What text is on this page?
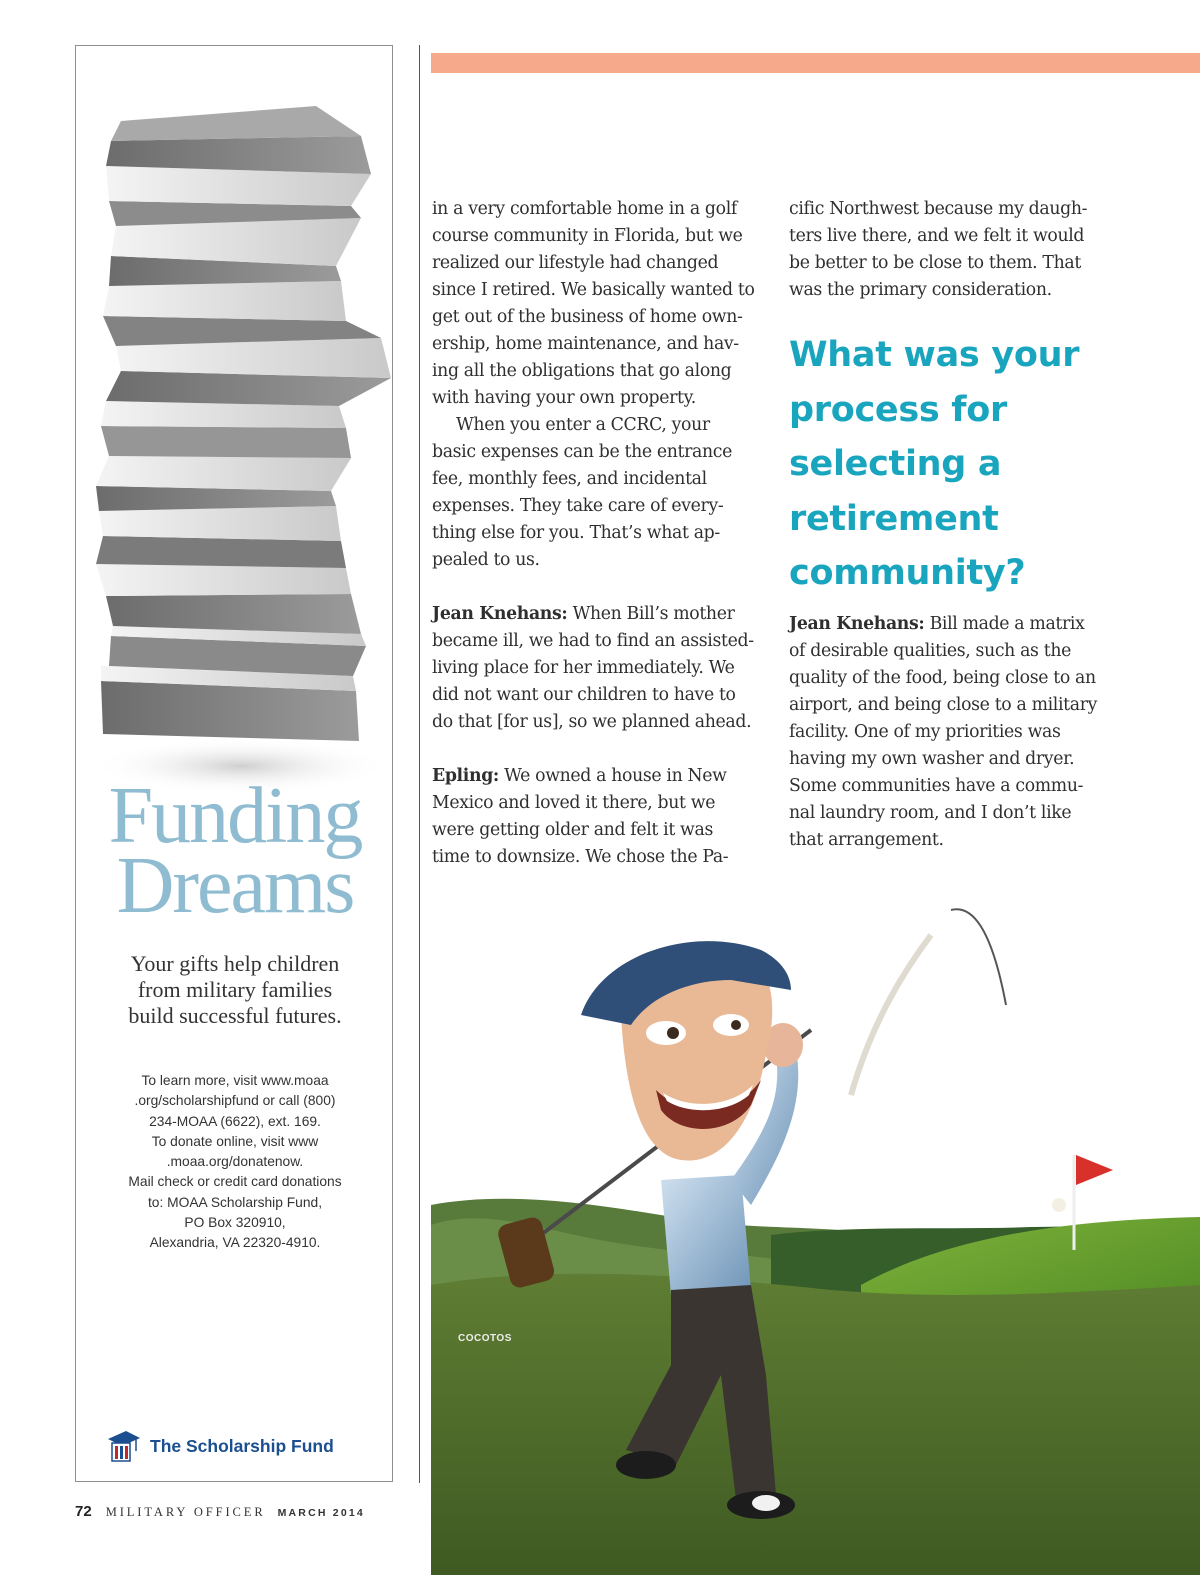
Funding
Dreams
Your gifts help children
from military families
build successful futures.
To learn more, visit www.moaa
.org/scholarshipfund or call (800)
234-MOAA (6622), ext. 169.
To donate online, visit www
.moaa.org/donatenow.
Mail check or credit card donations
to: MOAA Scholarship Fund,
PO Box 320910,
Alexandria, VA 22320-4910.
The Scholarship Fund
72 MILITARY OFFICER MARCH 2014

in a very comfortable home in a golf
course community in Florida, but we
realized our lifestyle had changed
since I retired. We basically wanted to
get out of the business of home own-
ership, home maintenance, and hav-
ing all the obligations that go along
with having your own property.

When you enter a CCRC, your
basic expenses can be the entrance
fee, monthly fees, and incidental
expenses. They take care of every-
thing else for you. That’s what ap-
pealed to us.

Jean Knehans: When Bill’s mother
became ill, we had to find an assisted-
living place for her immediately. We
did not want our children to have to
do that [for us], so we planned ahead.

Epling: We owned a house in New
Mexico and loved it there, but we
were getting older and felt it was
time to downsize. We chose the Pa-

cific Northwest because my daugh-
ters live there, and we felt it would
be better to be close to them. That
was the primary consideration.

What was your
process for
selecting a
retirement
community?

Jean Knehans: Bill made a matrix
of desirable qualities, such as the
quality of the food, being close to an
airport, and being close to a military
facility. One of my priorities was
having my own washer and dryer.
Some communities have a commu-
nal laundry room, and I don’t like
that arrangement.

COCOTOS
